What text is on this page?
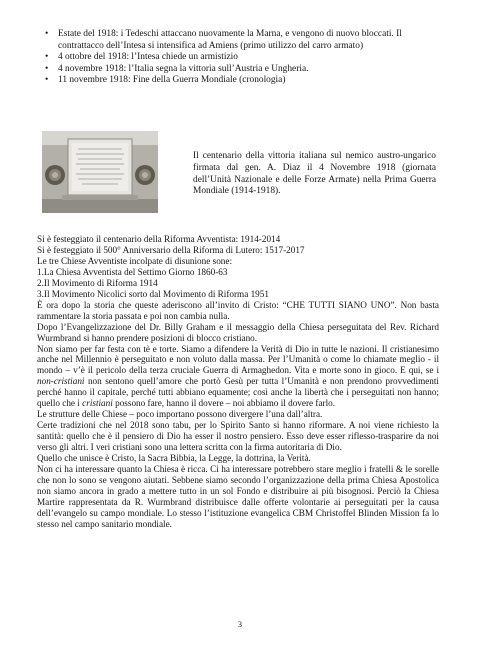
• Estate del 1918: i Tedeschi attaccano nuovamente la Marna, e vengono di nuovo bloccati. Il contrattacco dell’Intesa si intensifica ad Amiens (primo utilizzo del carro armato)
• 4 ottobre del 1918: l’Intesa chiede un armistizio
• 4 novembre 1918: l’Italia segna la vittoria sull’Austria e Ungheria.
• 11 novembre 1918: Fine della Guerra Mondiale (cronologia)
Il centenario della vittoria italiana sul nemico austro-ungarico firmata dal gen. A. Diaz il 4 Novembre 1918 (giornata dell’Unità Nazionale e delle Forze Armate) nella Prima Guerra Mondiale (1914-1918).

Si è festeggiato il centenario della Riforma Avventista: 1914-2014

Si è festeggiato il 500° Anniversario della Riforma di Lutero: 1517-2017

Le tre Chiese Avventiste incolpate di disunione sone:

1.La Chiesa Avventista del Settimo Giorno 1860-63

2.Il Movimento di Riforma 1914

3.Il Movimento Nicolici sorto dal Movimento di Riforma 1951

È ora dopo la storia che queste aderiscono all’invito di Cristo: “CHE TUTTI SIANO UNO”. Non basta rammentare la storia passata e poi non cambia nulla.

Dopo l’Evangelizzazione del Dr. Billy Graham e il messaggio della Chiesa perseguitata del Rev. Richard Wurmbrand si hanno prendere posizioni di blocco cristiano.

Non siamo per far festa con tè e torte. Siamo a difendere la Verità di Dio in tutte le nazioni. Il cristianesimo anche nel Millennio è perseguitato e non voluto dalla massa. Per l’Umanità o come lo chiamate meglio - il mondo – v’è il pericolo della terza cruciale Guerra di Armaghedon. Vita e morte sono in gioco. E qui, se i non-cristiani non sentono quell’amore che portò Gesù per tutta l’Umanità e non prendono provvedimenti perché hanno il capitale, perché tutti abbiano equamente; così anche la libertà che i perseguitati non hanno; quello che i cristiani possono fare, hanno il dovere – noi abbiamo il dovere farlo.

Le strutture delle Chiese – poco importano possono divergere l’una dall’altra.

Certe tradizioni che nel 2018 sono tabu, per lo Spirito Santo si hanno riformare. A noi viene richiesto la santità: quello che è il pensiero di Dio ha esser il nostro pensiero. Esso deve esser riflesso-trasparire da noi verso gli altri. I veri cristiani sono una lettera scritta con la firma autoritaria di Dio.

Quello che unisce è Cristo, la Sacra Bibbia, la Legge, la dottrina, la Verità.

Non ci ha interessare quanto la Chiesa è ricca. Ci ha interessare potrebbero stare meglio i fratelli & le sorelle che non lo sono se vengono aiutati. Sebbene siamo secondo l’organizzazione della prima Chiesa Apostolica non siamo ancora in grado a mettere tutto in un sol Fondo e distribuire ai più bisognosi. Perciò la Chiesa Martire rappresentata da R. Wurmbrand distribuisce dalle offerte volontarie ai perseguitati per la causa dell’evangelo su campo mondiale. Lo stesso l’istituzione evangelica CBM Christoffel Blinden Mission fa lo stesso nel campo sanitario mondiale.

3
